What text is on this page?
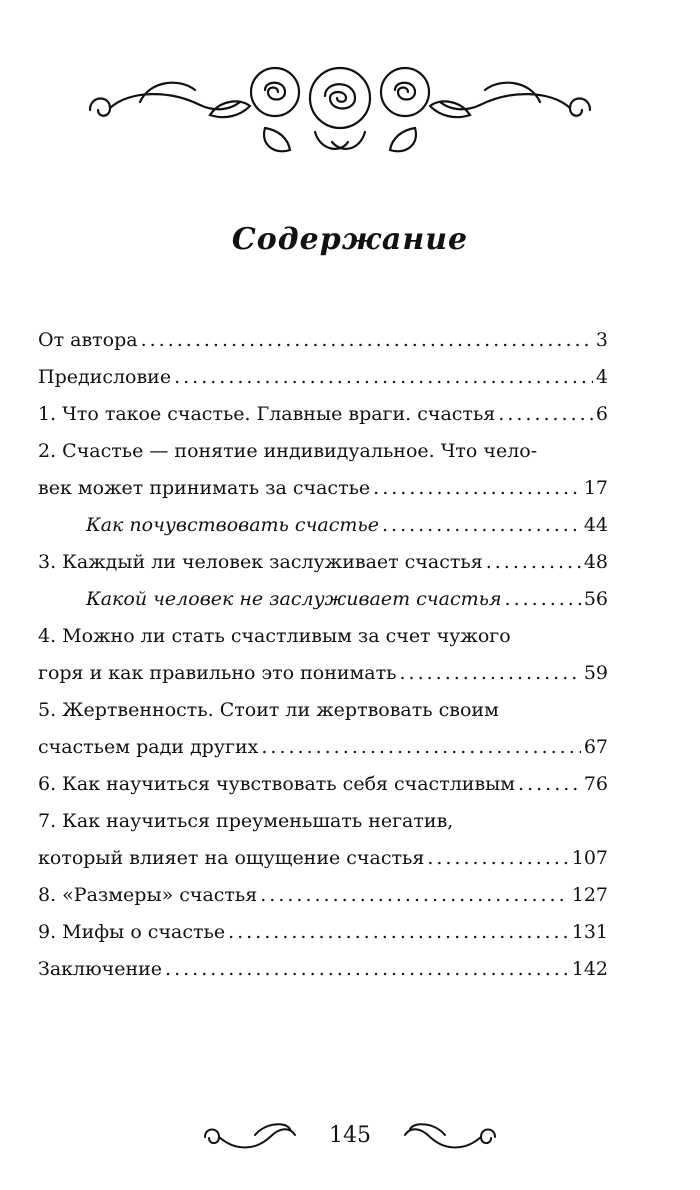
Содержание
От автора .....	3
Предисловие .....	4
1. Что такое счастье. Главные враги. счастья .....	6
2. Счастье — понятие индивидуальное. Что чело-
век может принимать за счастье .....	17
Как почувствовать счастье .....	44
3. Каждый ли человек заслуживает счастья .....	48
Какой человек не заслуживает счастья .....	56
4. Можно ли стать счастливым за счет чужого
горя и как правильно это понимать .....	59
5. Жертвенность. Стоит ли жертвовать своим
счастьем ради других .....	67
6. Как научиться чувствовать себя счастливым .....	76
7. Как научиться преуменьшать негатив,
который влияет на ощущение счастья .....	107
8. «Размеры» счастья .....	127
9. Мифы о счастье .....	131
Заключение .....	142
145
